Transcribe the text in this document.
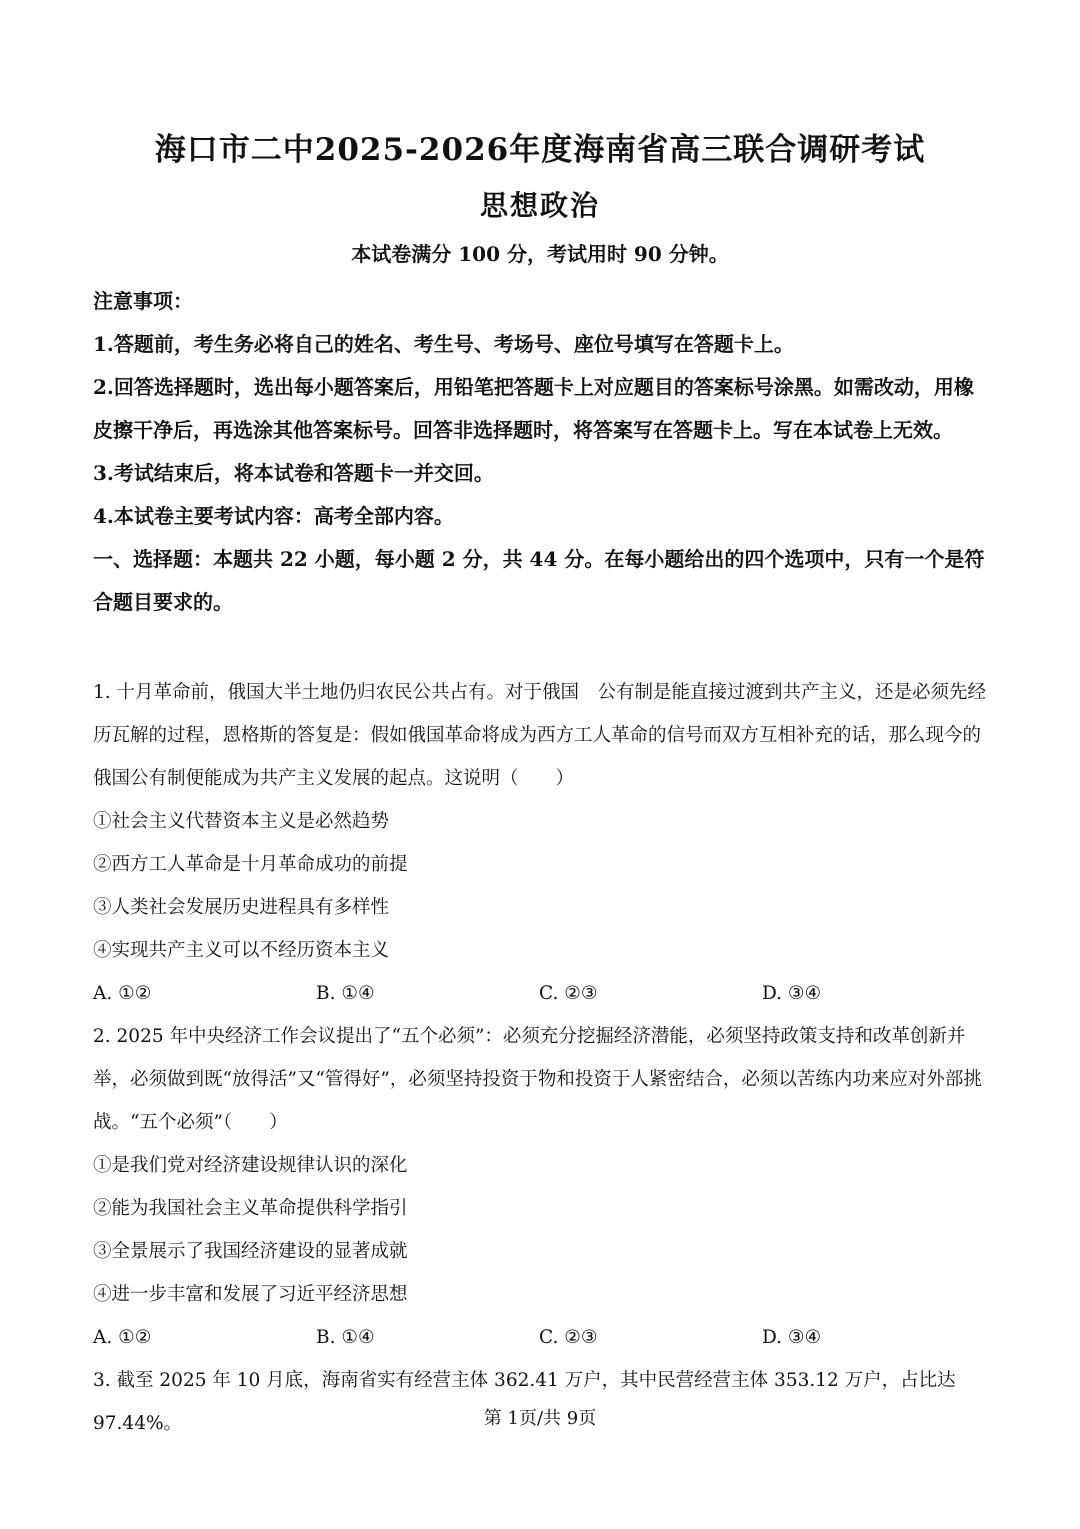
海口市二中2025-2026年度海南省高三联合调研考试
思想政治
本试卷满分 100 分，考试用时 90 分钟。
注意事项：
1.答题前，考生务必将自己的姓名、考生号、考场号、座位号填写在答题卡上。
2.回答选择题时，选出每小题答案后，用铅笔把答题卡上对应题目的答案标号涂黑。如需改动，用橡皮擦干净后，再选涂其他答案标号。回答非选择题时，将答案写在答题卡上。写在本试卷上无效。
3.考试结束后，将本试卷和答题卡一并交回。
4.本试卷主要考试内容：高考全部内容。
一、选择题：本题共 22 小题，每小题 2 分，共 44 分。在每小题给出的四个选项中，只有一个是符合题目要求的。
1. 十月革命前，俄国大半土地仍归农民公共占有。对于俄国　公有制是能直接过渡到共产主义，还是必须先经历瓦解的过程，恩格斯的答复是：假如俄国革命将成为西方工人革命的信号而双方互相补充的话，那么现今的俄国公有制便能成为共产主义发展的起点。这说明（　　）
①社会主义代替资本主义是必然趋势
②西方工人革命是十月革命成功的前提
③人类社会发展历史进程具有多样性
④实现共产主义可以不经历资本主义
A. ①②	B. ①④	C. ②③	D. ③④
2. 2025 年中央经济工作会议提出了“五个必须”：必须充分挖掘经济潜能，必须坚持政策支持和改革创新并举，必须做到既“放得活”又“管得好”，必须坚持投资于物和投资于人紧密结合，必须以苦练内功来应对外部挑战。“五个必须”（　　）
①是我们党对经济建设规律认识的深化
②能为我国社会主义革命提供科学指引
③全景展示了我国经济建设的显著成就
④进一步丰富和发展了习近平经济思想
A. ①②	B. ①④	C. ②③	D. ③④
3. 截至 2025 年 10 月底，海南省实有经营主体 362.41 万户，其中民营经营主体 353.12 万户，占比达 97.44%。	第 1页/共 9页
